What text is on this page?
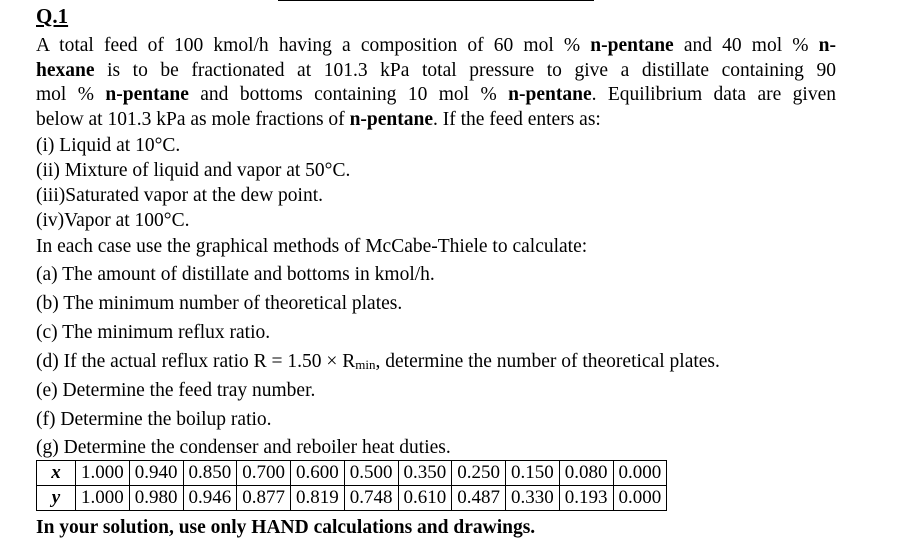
Q.1
A total feed of 100 kmol/h having a composition of 60 mol % n-pentane and 40 mol % n-
hexane is to be fractionated at 101.3 kPa total pressure to give a distillate containing 90
mol % n-pentane and bottoms containing 10 mol % n-pentane. Equilibrium data are given
below at 101.3 kPa as mole fractions of n-pentane. If the feed enters as:
(i) Liquid at 10°C.
(ii) Mixture of liquid and vapor at 50°C.
(iii)Saturated vapor at the dew point.
(iv)Vapor at 100°C.
In each case use the graphical methods of McCabe-Thiele to calculate:
(a) The amount of distillate and bottoms in kmol/h.
(b) The minimum number of theoretical plates.
(c) The minimum reflux ratio.
(d) If the actual reflux ratio R = 1.50 × Rmin, determine the number of theoretical plates.
(e) Determine the feed tray number.
(f) Determine the boilup ratio.
(g) Determine the condenser and reboiler heat duties.
x	1.000	0.940	0.850	0.700	0.600	0.500	0.350	0.250	0.150	0.080	0.000
y	1.000	0.980	0.946	0.877	0.819	0.748	0.610	0.487	0.330	0.193	0.000
In your solution, use only HAND calculations and drawings.
